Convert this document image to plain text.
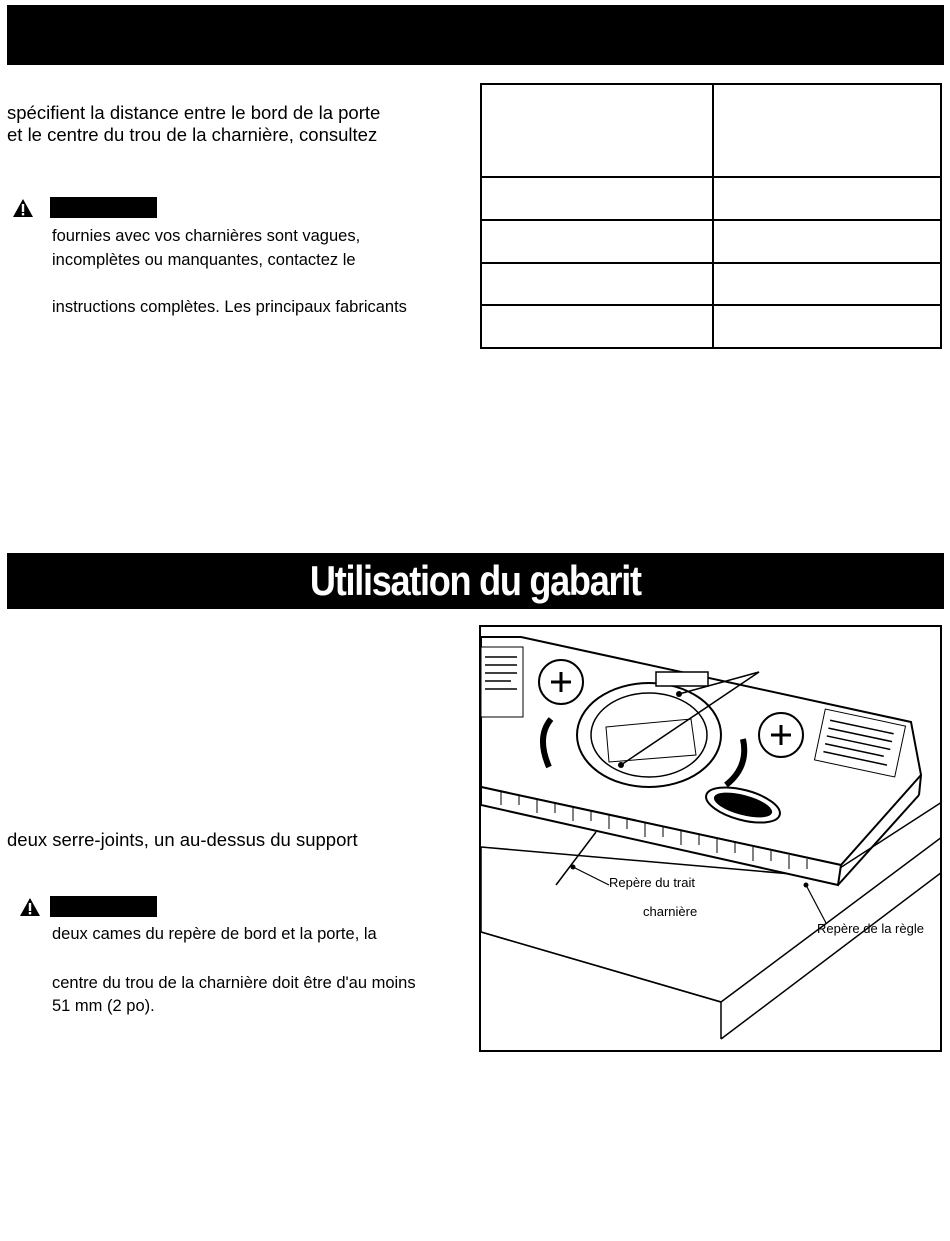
spécifient la distance entre le bord de la porte
et le centre du trou de la charnière, consultez
fournies avec vos charnières sont vagues,
incomplètes ou manquantes, contactez le
instructions complètes. Les principaux fabricants

Utilisation du gabarit
deux serre-joints, un au-dessus du support
deux cames du repère de bord et la porte, la
centre du trou de la charnière doit être d'au moins
51 mm (2 po).
Repère du trait
charnière
Repère de la règle
